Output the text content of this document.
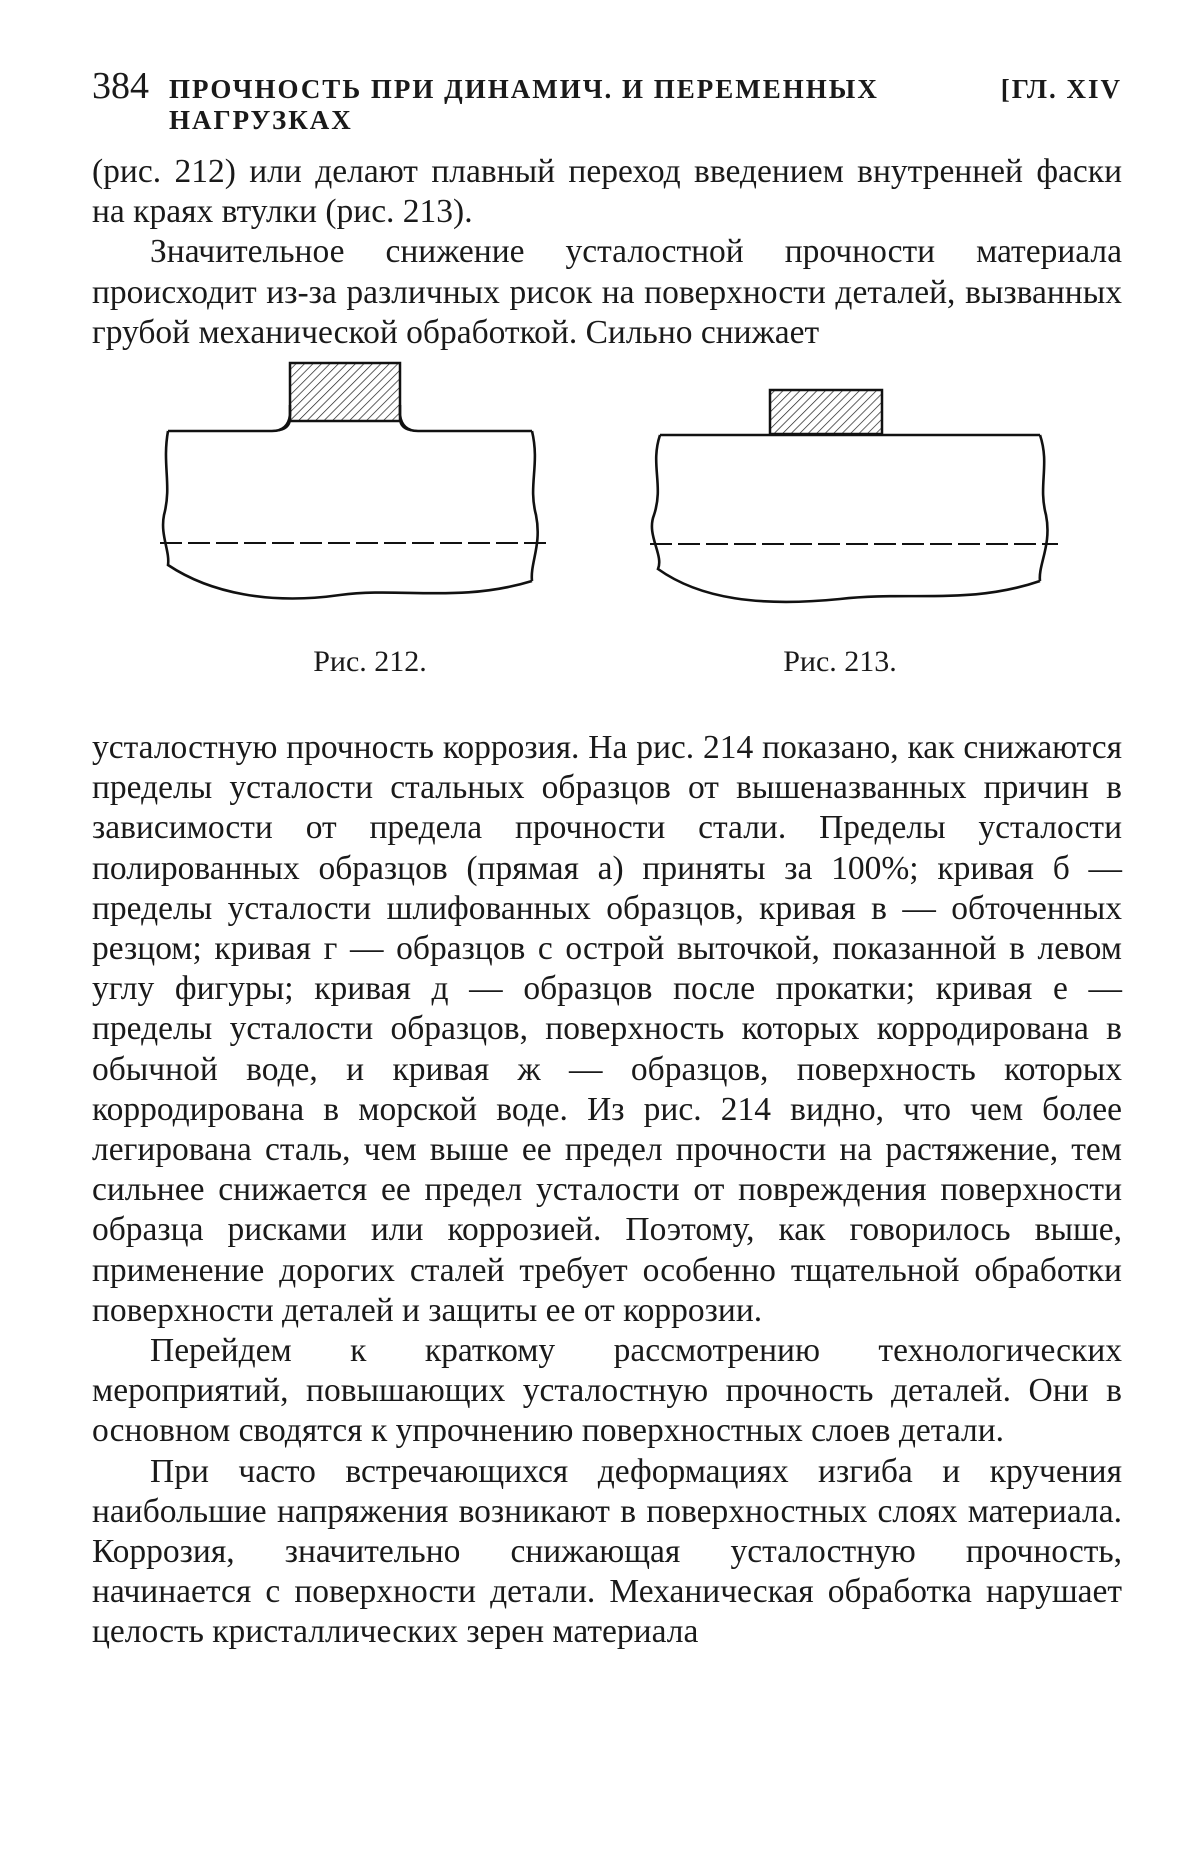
384 ПРОЧНОСТЬ ПРИ ДИНАМИЧ. И ПЕРЕМЕННЫХ НАГРУЗКАХ
[ГЛ. XIV

(рис. 212) или делают плавный переход введением внутренней фаски на краях втулки (рис. 213).

Значительное снижение усталостной прочности материала происходит из-за различных рисок на поверхности деталей, вызванных грубой механической обработкой. Сильно снижает

Рис. 212.	Рис. 213.

усталостную прочность коррозия. На рис. 214 показано, как снижаются пределы усталости стальных образцов от вышеназванных причин в зависимости от предела прочности стали. Пределы усталости полированных образцов (прямая а) приняты за 100%; кривая б — пределы усталости шлифованных образцов, кривая в — обточенных резцом; кривая г — образцов с острой выточкой, показанной в левом углу фигуры; кривая д — образцов после прокатки; кривая е — пределы усталости образцов, поверхность которых корродирована в обычной воде, и кривая ж — образцов, поверхность которых корродирована в морской воде. Из рис. 214 видно, что чем более легирована сталь, чем выше ее предел прочности на растяжение, тем сильнее снижается ее предел усталости от повреждения поверхности образца рисками или коррозией. Поэтому, как говорилось выше, применение дорогих сталей требует особенно тщательной обработки поверхности деталей и защиты ее от коррозии.

Перейдем к краткому рассмотрению технологических мероприятий, повышающих усталостную прочность деталей. Они в основном сводятся к упрочнению поверхностных слоев детали.

При часто встречающихся деформациях изгиба и кручения наибольшие напряжения возникают в поверхностных слоях материала. Коррозия, значительно снижающая усталостную прочность, начинается с поверхности детали. Механическая обработка нарушает целость кристаллических зерен материала
